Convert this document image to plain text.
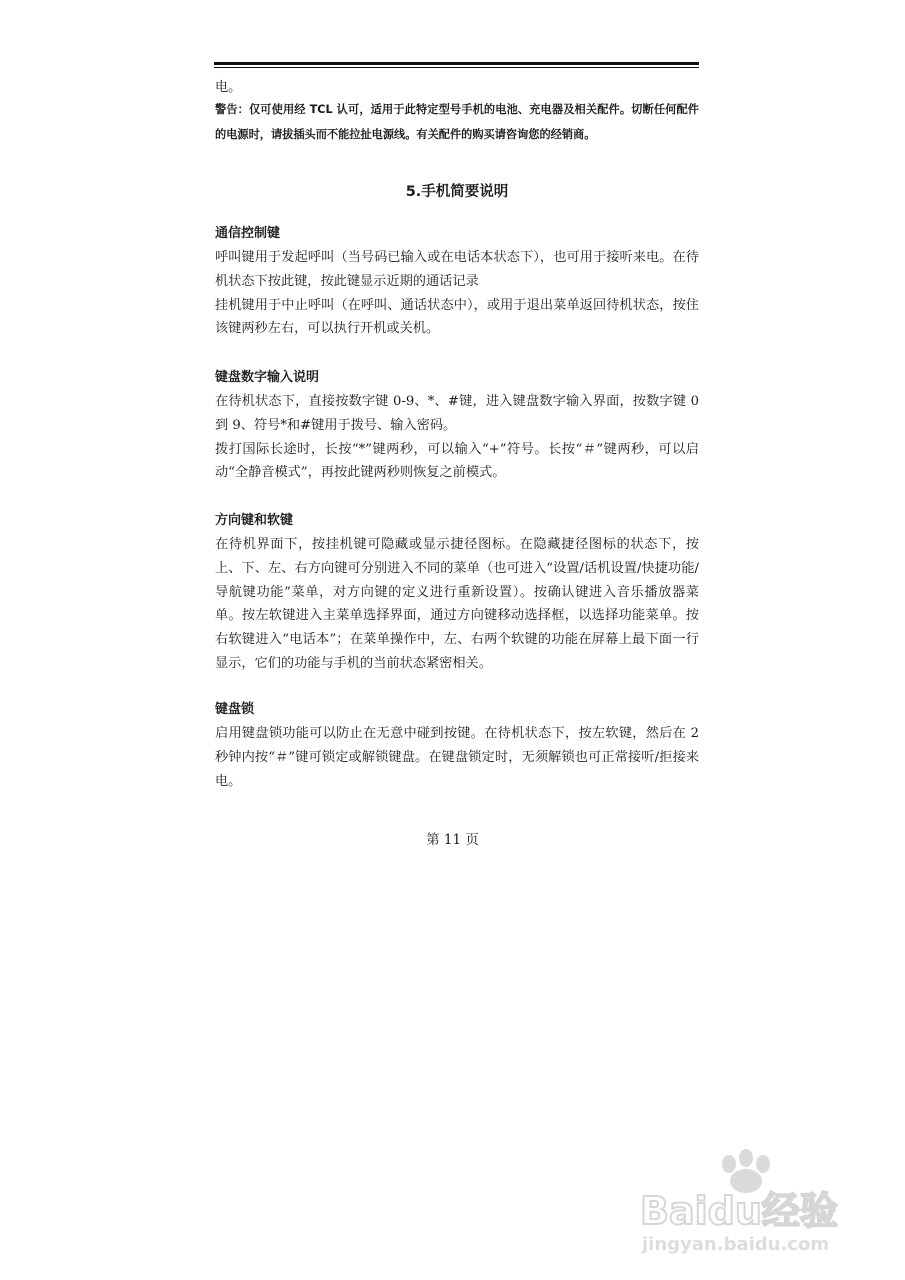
电。

警告：仅可使用经 TCL 认可，适用于此特定型号手机的电池、充电器及相关配件。切断任何配件的电源时，请拔插头而不能拉扯电源线。有关配件的购买请咨询您的经销商。

5.手机简要说明
通信控制键

呼叫键用于发起呼叫（当号码已输入或在电话本状态下），也可用于接听来电。在待机状态下按此键，按此键显示近期的通话记录

挂机键用于中止呼叫（在呼叫、通话状态中），或用于退出菜单返回待机状态，按住该键两秒左右，可以执行开机或关机。

键盘数字输入说明

在待机状态下，直接按数字键 0-9、*、#键，进入键盘数字输入界面，按数字键 0 到 9、符号*和#键用于拨号、输入密码。

拨打国际长途时，长按“*”键两秒，可以输入“+”符号。长按“＃”键两秒，可以启动“全静音模式”，再按此键两秒则恢复之前模式。

方向键和软键

在待机界面下，按挂机键可隐藏或显示捷径图标。在隐藏捷径图标的状态下，按上、下、左、右方向键可分别进入不同的菜单（也可进入“设置/话机设置/快捷功能/导航键功能”菜单，对方向键的定义进行重新设置）。按确认键进入音乐播放器菜单。按左软键进入主菜单选择界面，通过方向键移动选择框，以选择功能菜单。按右软键进入“电话本”；在菜单操作中，左、右两个软键的功能在屏幕上最下面一行显示，它们的功能与手机的当前状态紧密相关。

键盘锁

启用键盘锁功能可以防止在无意中碰到按键。在待机状态下，按左软键，然后在 2 秒钟内按“＃”键可锁定或解锁键盘。在键盘锁定时，无须解锁也可正常接听/拒接来电。

第 11 页
Baidu经验
jingyan.baidu.com
